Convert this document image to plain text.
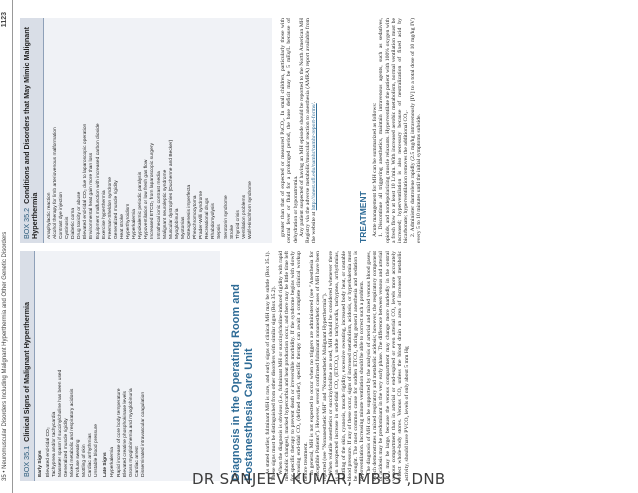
35 • Neuromuscular Disorders Including Malignant Hyperthermia and Other Genetic Disorders
1123
BOX 35.1Clinical Signs of Malignant Hyperthermia
Early Signs Elevated end-tidal CO₂ Tachypnea and/or tachycardia Masseter spasm if succinylcholine has been used Generalized muscle rigidity Mixed metabolic and respiratory acidosis Profuse sweating Mottling of skin Cardiac arrhythmias Unstable blood pressure Late Signs Hyperkalemia Rapid increase of core body temperature Elevated creatine phosphokinase levels Gross myoglobinemia and myoglobinuria Cardiac arrest Disseminated intravascular coagulation
BOX 35.2Conditions and Disorders that May Mimic Malignant Hyperthermia	Anaphylactic reaction Alcohol therapy for limb arteriovenous malformation Contrast dye injection Cystinosis Diabetic coma Drug toxicity or abuse Elevated end-tidal CO₂ due to laparoscopic operation Environmental heat gain more than loss Equipment malfunction with increased carbon dioxide Exercise hyperthermia Freeman-Sheldon syndrome Generalized muscle rigidity Heat stroke Hyperthyroidism Hyperkalemia Hypokalemic periodic paralysis Hypoventilation or low fresh gas flow Increased ETCO₂ from laparoscopic surgery Intrathecal ionic contrast media Malignant neuroleptic syndrome Muscular dystrophies (Duchenne and Becker) Myoglobinuria Myotonias Osteogenesis imperfecta Pheochromocytoma Prader-Willi syndrome Recreational drugs Rhabdomyolysis Sepsis Serotonin syndrome Stroke Thyroid crisis Ventilation problems Wolf-Hirschhorn syndrome
Diagnosis in the Operating Room and Postanesthesia Care Unit As stated earlier, fulminant MH is rare, and early signs of clinical MH may be subtle (Box 35.1). These signs must be distinguished from other disorders with similar signs (Box 35.2). When the diagnosis is obvious (i.e., fulminant MH or succinylcholine-induced rigidity with rapid metabolic changes), marked hypercarbia and heat production occur, and there may be little time left for specific therapy to prevent death or irreversible morbidity. If the syndrome begins with slowly increasing end-tidal CO₂ (defined earlier), specific therapy can await a complete clinical workup before treatment. In general, MH is not expected to occur when no triggers are administered (see "Anesthesia for Susceptible Patients"). However, several confirmed fulminant nonanesthetic cases of MH have been reported (see "Nonanesthetic MH" and "Nonanesthetic Malignant Hyperthermia"). When volatile anesthetics or succinylcholine are used, MH should be considered whenever there is an unexpected increase in end-tidal CO₂ (ETCO₂), undue tachycardia, tachypnea, arrhythmias, mottling of the skin, cyanosis, muscle rigidity, excessive sweating, increased body heat, or unstable blood pressure. If any of these occur, signs of increased metabolism, acidosis, or hyperkalemia must be sought. The most common cause for sudden ETCO₂ during general anesthesia and sedation is hypoventilation. Increasing minute ventilation should be able to correct such a problem. The diagnosis of MH can be supported by the analysis of arterial and mixed venous blood gases, which demonstrates a mixed respiratory and metabolic acidosis; however, the respiratory component of acidosis may be predominant in the very early phase. The difference between venous and arterial CO₂ may be large, because the venous compartment may change more markedly in the central venous compartment than in arterial or end-expired or even arterial CO₂ levels more accurately reflect whole-body stores. Venous CO₂ unless the blood drain an area of increased metabolic activity, should have PVCO₂ levels of only about 5 mm Hg

greater than that of expected or measured PaCO₂. In small children, particularly those with central fever or fluid for a prolonged period, the base deficit may be 5 mEq/L because of dehydration or hyponatremia. Any patient suspected of having an MH episode should be reported to the North American MH Registry via the adverse metabolic/muscular reaction to anesthesia (AMRA) report available from the website at http://anest.ufl.edu/namhr/namhr-report-forms/.

TREATMENT Acute management for MH can be summarized as follows: 1. Discontinue all triggering anesthetics, maintain intravenous agents, such as sedatives, opioids, and nondepolarizing muscle relaxants. Hyperventilate the patient with 100% oxygen with a fresh flow to at least 10 L/min. With increased aerobic metabolism, normal ventilation must be increased; hyperventilation is also necessary because of neutralization of fixed acid by bicarbonate; hyperventilation removes the additional CO₂. 2. Administer dantrolene rapidly (2.5 mg/kg intravenously [IV] to a total dose of 10 mg/kg IV) every 5 to 10 minutes until the initial symptoms subside.

DR SANJEEV KUMAR, MBBS ,DNB
